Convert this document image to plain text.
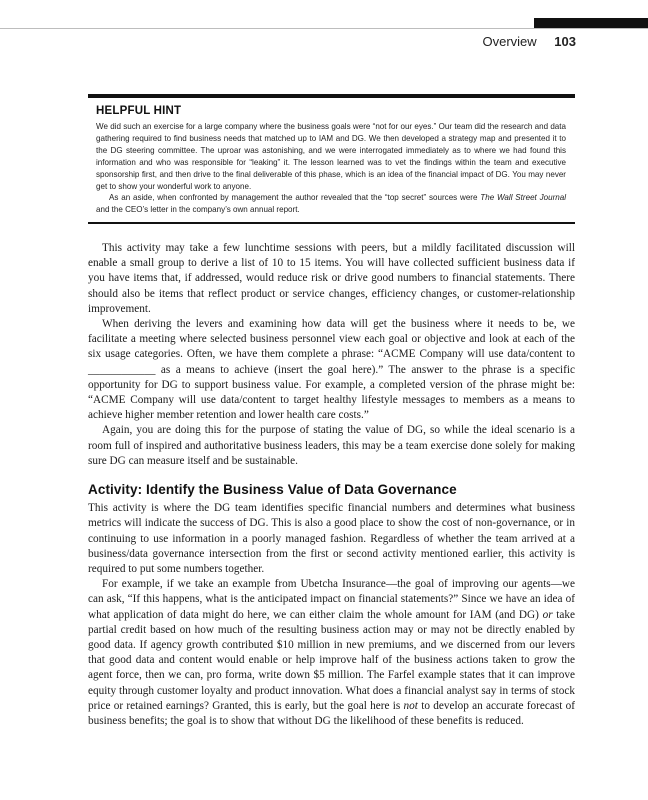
Overview 103
HELPFUL HINT

We did such an exercise for a large company where the business goals were “not for our eyes.” Our team did the research and data gathering required to find business needs that matched up to IAM and DG. We then developed a strategy map and presented it to the DG steering committee. The uproar was astonishing, and we were interrogated immediately as to where we had found this information and who was responsible for “leaking” it. The lesson learned was to vet the findings within the team and executive sponsorship first, and then drive to the final deliverable of this phase, which is an idea of the financial impact of DG. You may never get to show your wonderful work to anyone.

As an aside, when confronted by management the author revealed that the “top secret” sources were The Wall Street Journal and the CEO’s letter in the company’s own annual report.

This activity may take a few lunchtime sessions with peers, but a mildly facilitated discussion will enable a small group to derive a list of 10 to 15 items. You will have collected sufficient business data if you have items that, if addressed, would reduce risk or drive good numbers to financial statements. There should also be items that reflect product or service changes, efficiency changes, or customer-relationship improvement.

When deriving the levers and examining how data will get the business where it needs to be, we facilitate a meeting where selected business personnel view each goal or objective and look at each of the six usage categories. Often, we have them complete a phrase: “ACME Company will use data/content to ____________ as a means to achieve (insert the goal here).” The answer to the phrase is a specific opportunity for DG to support business value. For example, a completed version of the phrase might be: “ACME Company will use data/content to target healthy lifestyle messages to members as a means to achieve higher member retention and lower health care costs.”

Again, you are doing this for the purpose of stating the value of DG, so while the ideal scenario is a room full of inspired and authoritative business leaders, this may be a team exercise done solely for making sure DG can measure itself and be sustainable.

Activity: Identify the Business Value of Data Governance

This activity is where the DG team identifies specific financial numbers and determines what business metrics will indicate the success of DG. This is also a good place to show the cost of non-governance, or in continuing to use information in a poorly managed fashion. Regardless of whether the team arrived at a business/data governance intersection from the first or second activity mentioned earlier, this activity is required to put some numbers together.

For example, if we take an example from Ubetcha Insurance—the goal of improving our agents—we can ask, “If this happens, what is the anticipated impact on financial statements?” Since we have an idea of what application of data might do here, we can either claim the whole amount for IAM (and DG) or take partial credit based on how much of the resulting business action may or may not be directly enabled by good data. If agency growth contributed $10 million in new premiums, and we discerned from our levers that good data and content would enable or help improve half of the business actions taken to grow the agent force, then we can, pro forma, write down $5 million. The Farfel example states that it can improve equity through customer loyalty and product innovation. What does a financial analyst say in terms of stock price or retained earnings? Granted, this is early, but the goal here is not to develop an accurate forecast of business benefits; the goal is to show that without DG the likelihood of these benefits is reduced.
